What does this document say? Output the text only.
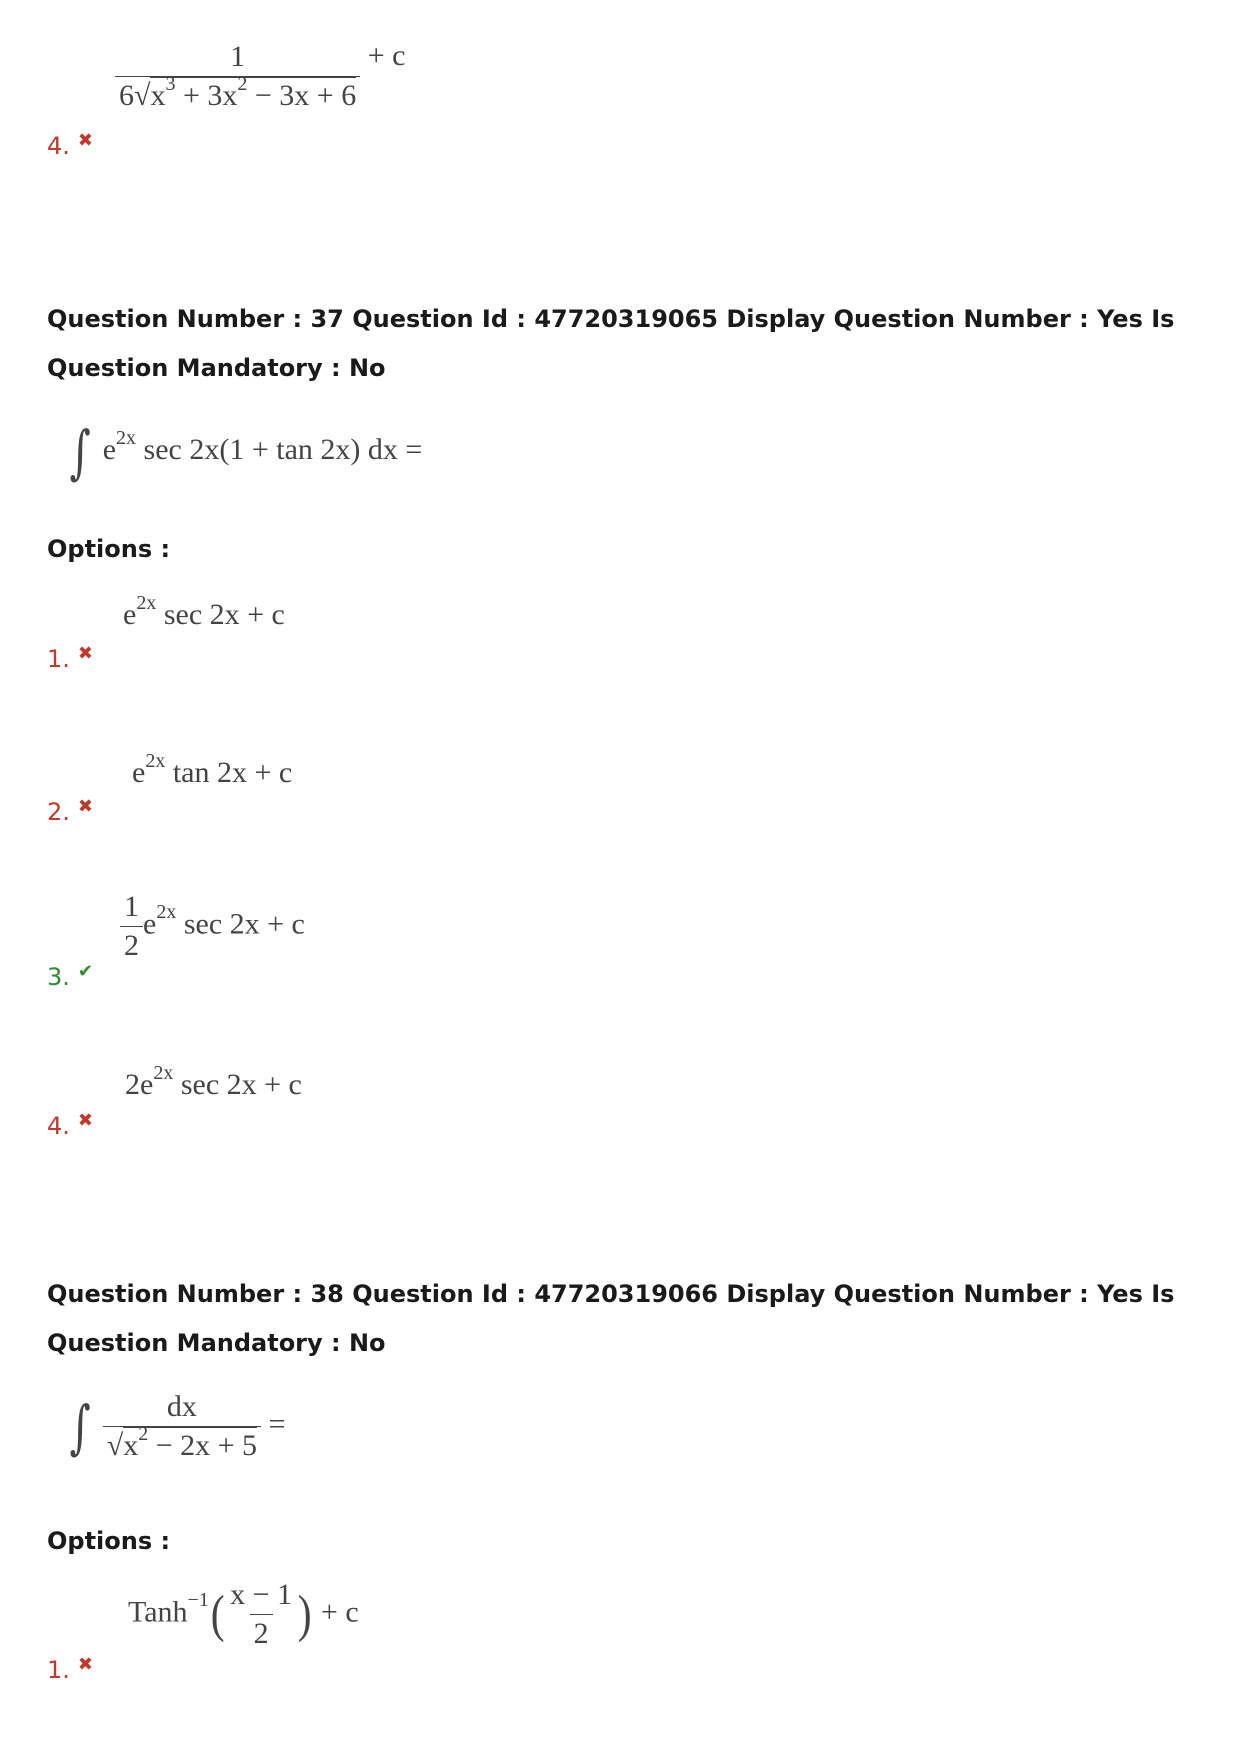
$\frac{1}{6√x^3 + 3x^2 - 3x + 6} + c$
4. ✖
Question Number : 37 Question Id : 47720319065 Display Question Number : Yes Is Question Mandatory : No
∫ $e^{2x}$ sec 2x(1 + tan 2x) dx =
Options :
$e^{2x}$ sec 2x + c
1. ✖
$e^{2x}$ tan 2x + c
2. ✖
$\frac{1}{2} e^{2x}$ sec 2x + c
3. ✔
$2e^{2x}$ sec 2x + c
4. ✖
Question Number : 38 Question Id : 47720319066 Display Question Number : Yes Is Question Mandatory : No
∫ $\frac{dx}{√x^2 - 2x + 5}$ =
Options :
Tanh$^{-1}$( $\frac{x - 1}{2}$ ) + c
1. ✖
